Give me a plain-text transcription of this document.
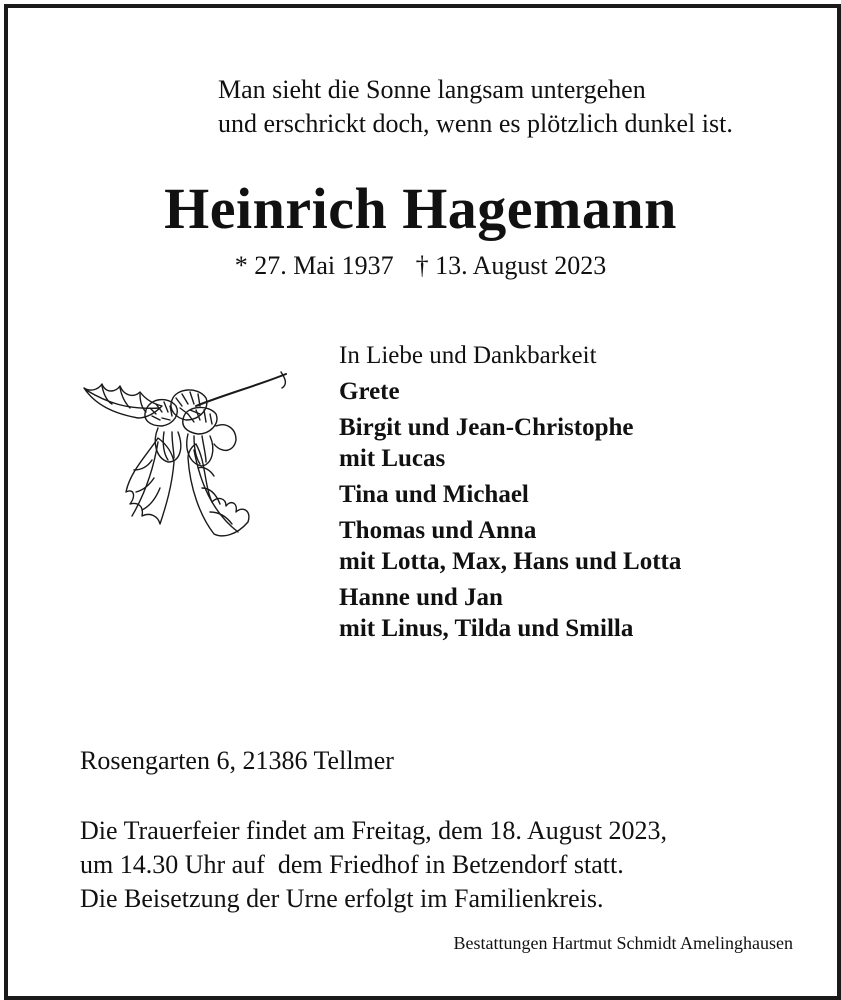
Man sieht die Sonne langsam untergehen
und erschrickt doch, wenn es plötzlich dunkel ist.
Heinrich Hagemann
* 27. Mai 1937 † 13. August 2023
In Liebe und Dankbarkeit
Grete
Birgit und Jean-Christophe
mit Lucas
Tina und Michael
Thomas und Anna
mit Lotta, Max, Hans und Lotta
Hanne und Jan
mit Linus, Tilda und Smilla
Rosengarten 6, 21386 Tellmer
Die Trauerfeier findet am Freitag, dem 18. August 2023,
um 14.30 Uhr auf  dem Friedhof in Betzendorf statt.
Die Beisetzung der Urne erfolgt im Familienkreis.
Bestattungen Hartmut Schmidt Amelinghausen
